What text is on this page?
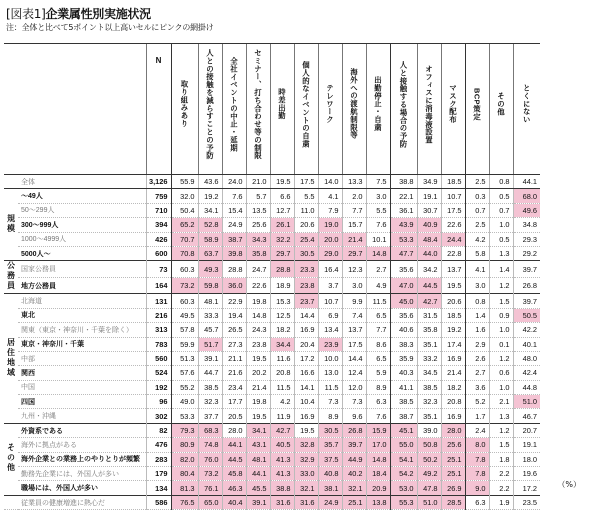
[図表1]企業属性別実施状況
注：全体と比べて5ポイント以上高いセルにピンクの網掛け
		N	取り組みあり	人との接触を減らすことの予防	全社イベントの中止・延期	セミナー、打ち合わせ等の制限	時差出勤	個人的なイベントの自粛	テレワーク	海外への渡航制限等	出勤停止・自粛	人と接触する場合の予防	オフィスに消毒液設置	マスク配布	BCP策定	その他	とくにない

	全体	3,126	55.9	43.6	24.0	21.0	19.5	17.5	14.0	13.3	7.5	38.8	34.9	18.5	2.5	0.8	44.1
規模	〜49人	759	32.0	19.2	7.6	5.7	6.6	5.5	4.1	2.0	3.0	22.1	19.1	10.7	0.3	0.5	68.0
	50〜299人	710	50.4	34.1	15.4	13.5	12.7	11.0	7.9	7.7	5.5	36.1	30.7	17.5	0.7	0.7	49.6
	300〜999人	394	65.2	52.8	24.9	25.6	26.1	20.6	19.0	15.7	7.6	43.9	40.9	22.6	2.5	1.0	34.8
	1000〜4999人	426	70.7	58.9	38.7	34.3	32.2	25.4	20.0	21.4	10.1	53.3	48.4	24.4	4.2	0.5	29.3
	5000人〜	600	70.8	63.7	39.8	35.8	29.7	30.5	29.0	29.7	14.8	47.7	44.0	22.8	5.8	1.3	29.2
公務員	国家公務員	73	60.3	49.3	28.8	24.7	28.8	23.3	16.4	12.3	2.7	35.6	34.2	13.7	4.1	1.4	39.7
	地方公務員	164	73.2	59.8	36.0	22.6	18.9	23.8	3.7	3.0	4.9	47.0	44.5	19.5	3.0	1.2	26.8
居住地域	北海道	131	60.3	48.1	22.9	19.8	15.3	23.7	10.7	9.9	11.5	45.0	42.7	20.6	0.8	1.5	39.7
	東北	216	49.5	33.3	19.4	14.8	12.5	14.4	6.9	7.4	6.5	35.6	31.5	18.5	1.4	0.9	50.5
	関東（東京・神奈川・千葉を除く）	313	57.8	45.7	26.5	24.3	18.2	16.9	13.4	13.7	7.7	40.6	35.8	19.2	1.6	1.0	42.2
	東京・神奈川・千葉	783	59.9	51.7	27.3	23.8	34.4	20.4	23.9	17.5	8.6	38.3	35.1	17.4	2.9	0.1	40.1
	中部	560	51.3	39.1	21.1	19.5	11.6	17.2	10.0	14.4	6.5	35.9	33.2	16.9	2.6	1.2	48.0
	関西	524	57.6	44.7	21.6	20.2	20.8	16.6	13.0	12.4	5.9	40.3	34.5	21.4	2.7	0.6	42.4
	中国	192	55.2	38.5	23.4	21.4	11.5	14.1	11.5	12.0	8.9	41.1	38.5	18.2	3.6	1.0	44.8
	四国	96	49.0	32.3	17.7	19.8	4.2	10.4	7.3	7.3	6.3	38.5	32.3	20.8	5.2	2.1	51.0
	九州・沖縄	302	53.3	37.7	20.5	19.5	11.9	16.9	8.9	9.6	7.6	38.7	35.1	16.9	1.7	1.3	46.7
その他	外資系である	82	79.3	68.3	28.0	34.1	42.7	19.5	30.5	26.8	15.9	45.1	39.0	28.0	2.4	1.2	20.7
	海外に拠点がある	476	80.9	74.8	44.1	43.1	40.5	32.8	35.7	39.7	17.0	55.0	50.8	25.6	8.0	1.5	19.1
	海外企業との業務上のやりとりが頻繁	283	82.0	76.0	44.5	48.1	41.3	32.9	37.5	44.9	14.8	54.1	50.2	25.1	7.8	1.8	18.0
	勤務先企業には、外国人が多い	179	80.4	73.2	45.8	44.1	41.3	33.0	40.8	40.2	18.4	54.2	49.2	25.1	7.8	2.2	19.6
	職場には、外国人が多い	134	81.3	76.1	46.3	45.5	38.8	32.1	38.1	32.1	20.9	53.0	47.8	26.9	9.0	2.2	17.2
	従業員の健康増進に熱心だ	586	76.5	65.0	40.4	39.1	31.6	31.6	24.9	25.1	13.8	55.3	51.0	28.5	6.3	1.9	23.5
（%）
